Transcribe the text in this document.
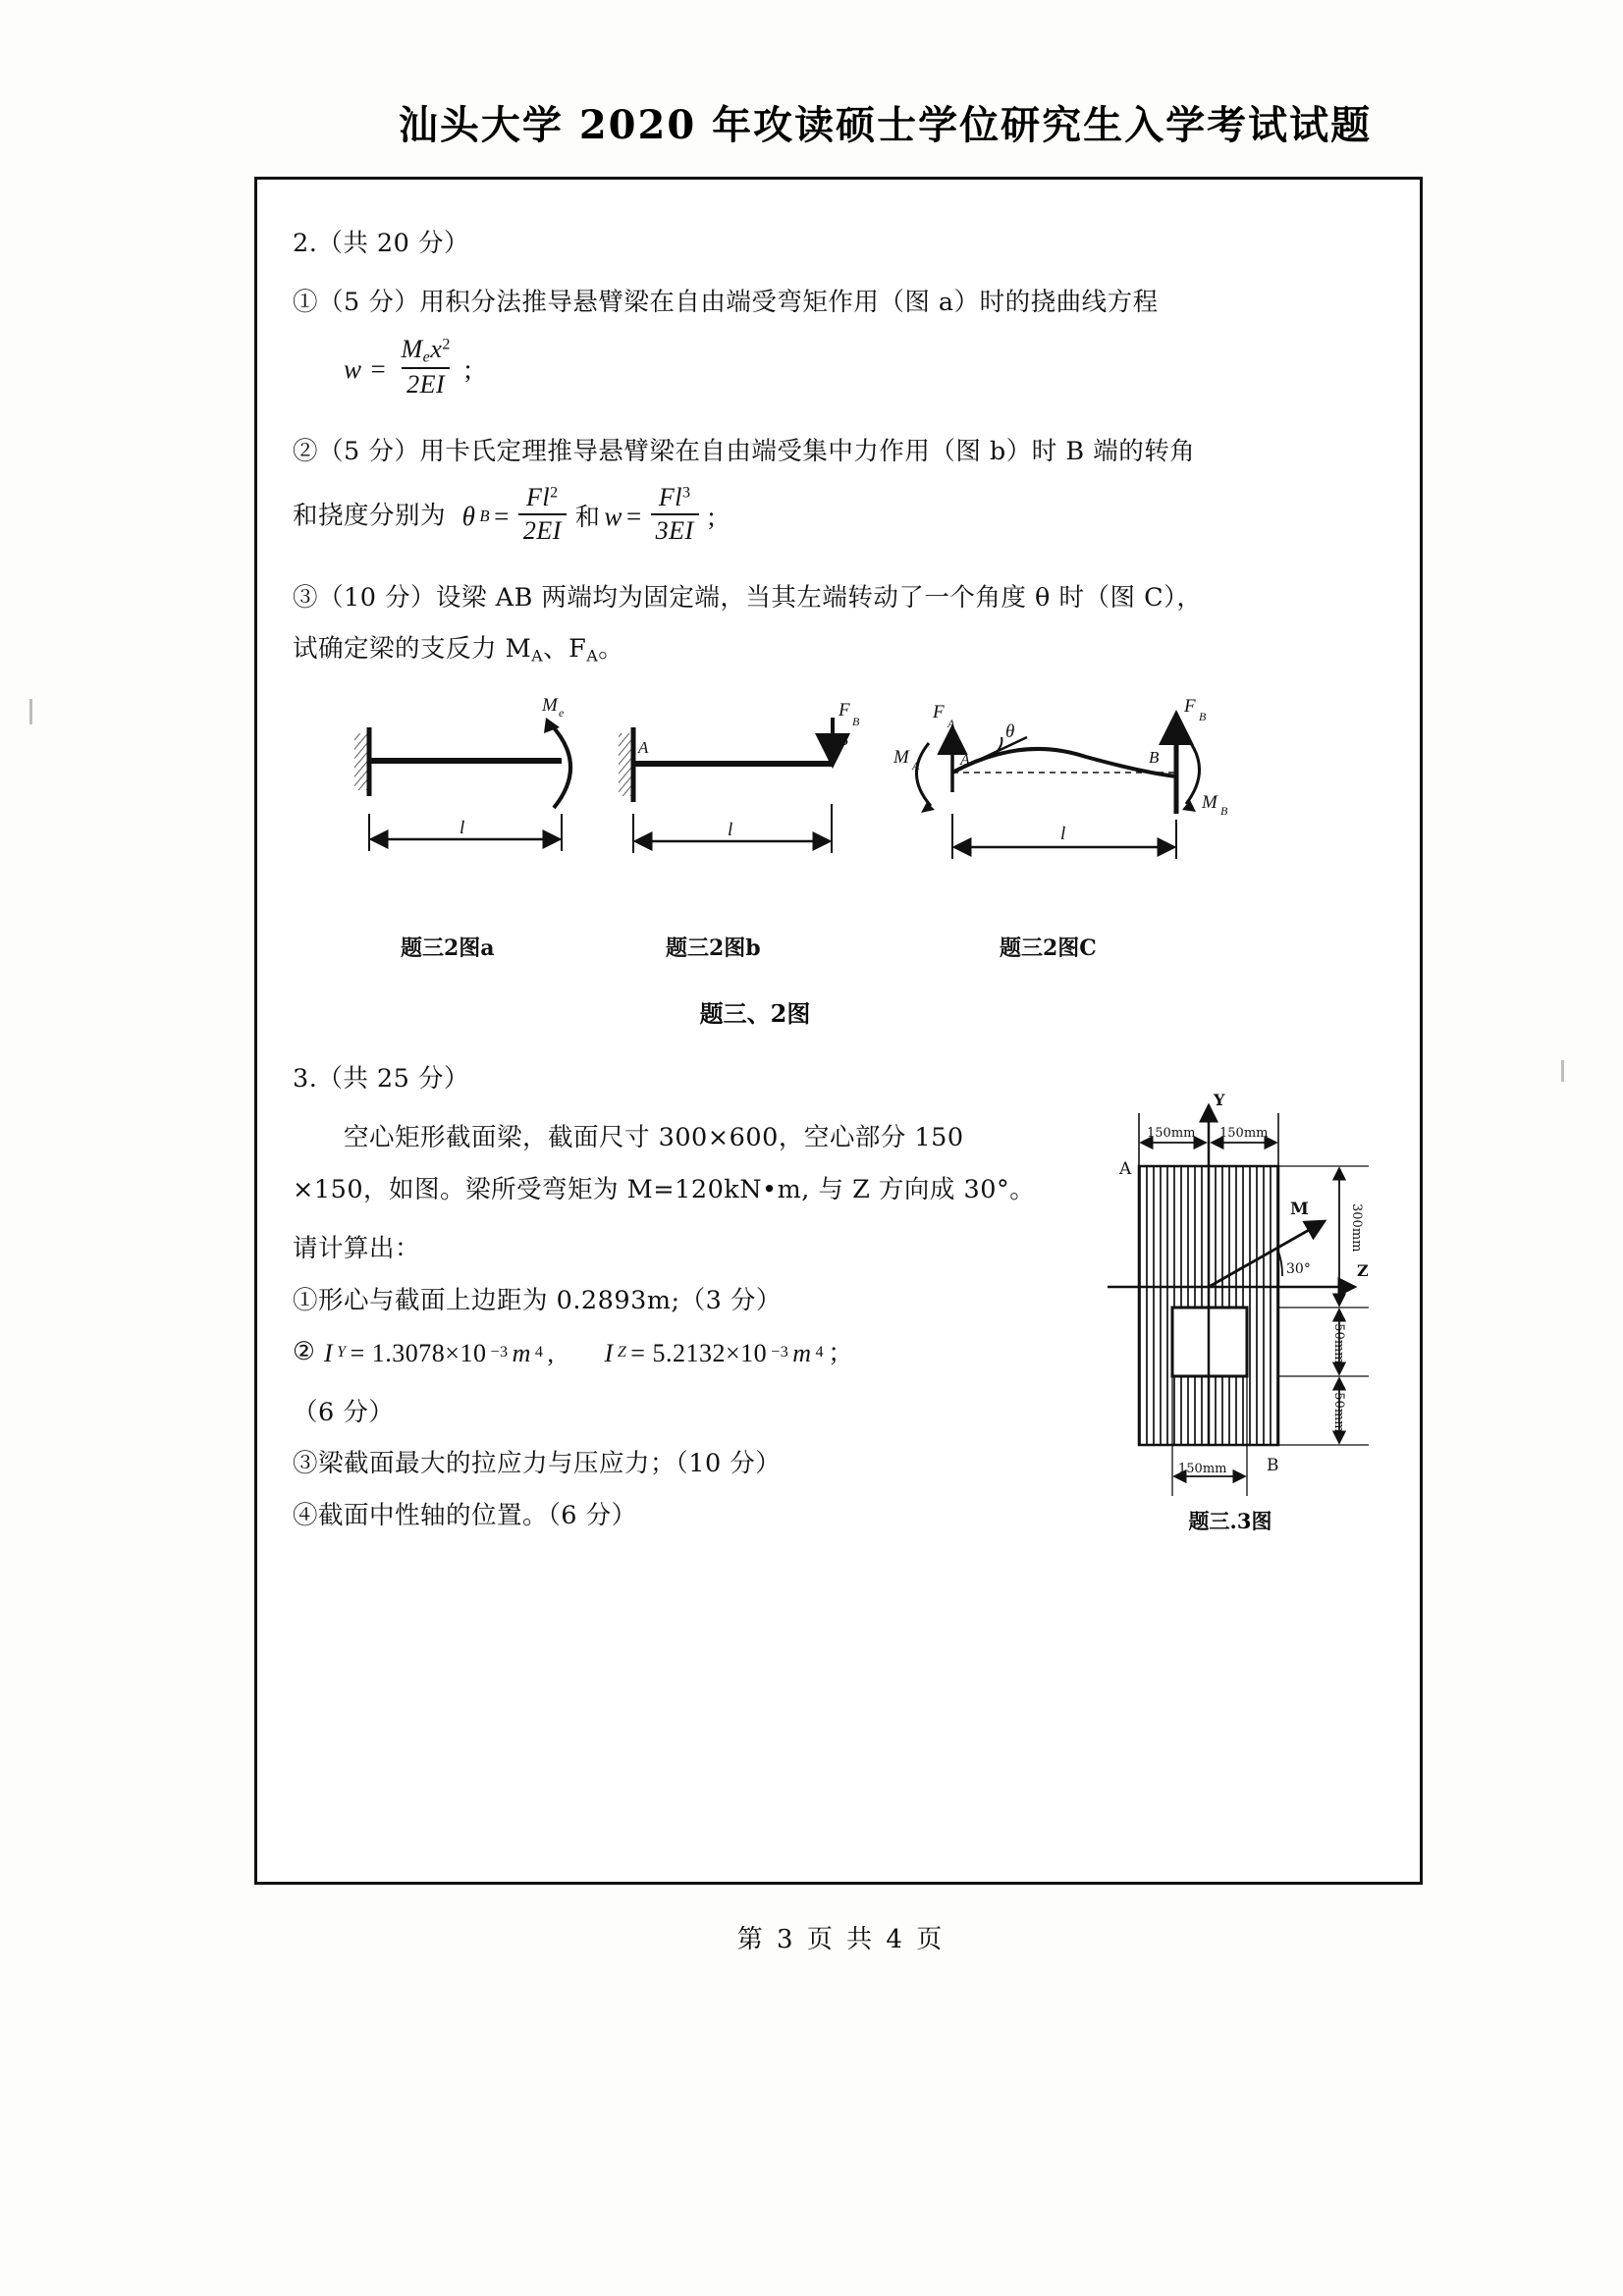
汕头大学 2020 年攻读硕士学位研究生入学考试试题
2.（共 20 分）
①（5 分）用积分法推导悬臂梁在自由端受弯矩作用（图 a）时的挠曲线方程
$w = \frac{M_ex^2}{2EI}$ ;
②（5 分）用卡氏定理推导悬臂梁在自由端受集中力作用（图 b）时 B 端的转角
和挠度分别为 θ $B = \frac{Fl^2}{2EI}$ 和 $w = \frac{Fl^3}{3EI}$ ;
③（10 分）设梁 AB 两端均为固定端，当其左端转动了一个角度 θ 时（图 C），
试确定梁的支反力 $M_A$、$F_A$。
M e
l
F
B
A	B
l
F
A
M A	A
θ
B
F B
M B
l
题三2图a	题三2图b	题三2图C
题三、2图
150mm 150mm
Y
Z
M
30°
A
B
300mm
150mm
150mm
150mm
题三.3图
3.（共 25 分）
空心矩形截面梁，截面尺寸 300×600，空心部分 150
×150，如图。梁所受弯矩为 M=120kN•m, 与 Z 方向成 30°。
请计算出：
①形心与截面上边距为 0.2893m;（3 分）
② I Y = 1.3078×10 −3 m 4 ,
I Z = 5.2132×10 −3 m 4 ；
（6 分）
③梁截面最大的拉应力与压应力；（10 分）
④截面中性轴的位置。（6 分）
第 3 页 共 4 页
